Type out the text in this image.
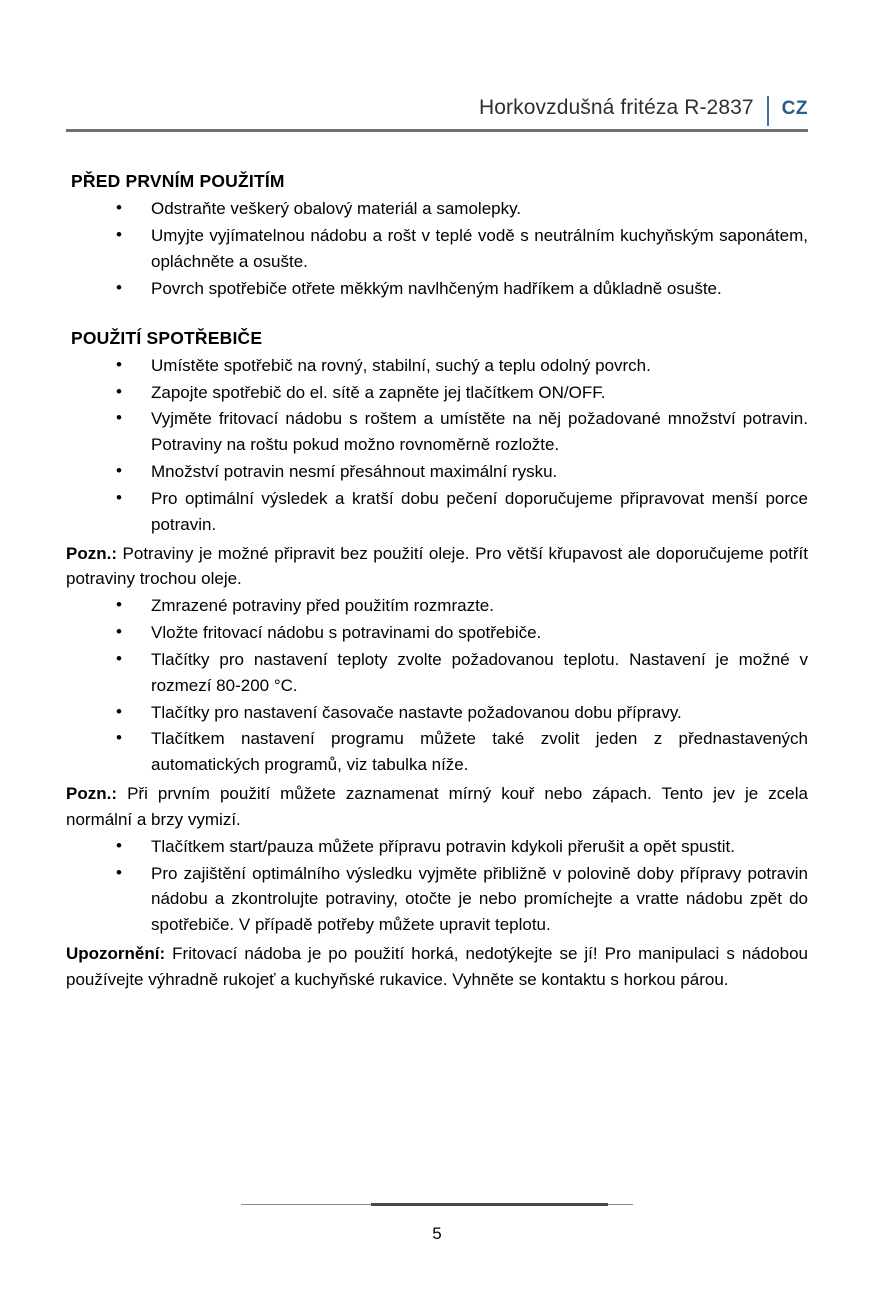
Horkovzdušná fritéza R-2837 CZ
PŘED PRVNÍM POUŽITÍM
• Odstraňte veškerý obalový materiál a samolepky.
• Umyjte vyjímatelnou nádobu a rošt v teplé vodě s neutrálním kuchyňským saponátem, opláchněte a osušte.
• Povrch spotřebiče otřete měkkým navlhčeným hadříkem a důkladně osušte.
POUŽITÍ SPOTŘEBIČE
• Umístěte spotřebič na rovný, stabilní, suchý a teplu odolný povrch.
• Zapojte spotřebič do el. sítě a zapněte jej tlačítkem ON/OFF.
• Vyjměte fritovací nádobu s roštem a umístěte na něj požadované množství potravin. Potraviny na roštu pokud možno rovnoměrně rozložte.
• Množství potravin nesmí přesáhnout maximální rysku.
• Pro optimální výsledek a kratší dobu pečení doporučujeme připravovat menší porce potravin.

Pozn.: Potraviny je možné připravit bez použití oleje. Pro větší křupavost ale doporučujeme potřít potraviny trochou oleje.

• Zmrazené potraviny před použitím rozmrazte.
• Vložte fritovací nádobu s potravinami do spotřebiče.
• Tlačítky pro nastavení teploty zvolte požadovanou teplotu. Nastavení je možné v rozmezí 80-200 °C.
• Tlačítky pro nastavení časovače nastavte požadovanou dobu přípravy.
• Tlačítkem nastavení programu můžete také zvolit jeden z přednastavených automatických programů, viz tabulka níže.

Pozn.: Při prvním použití můžete zaznamenat mírný kouř nebo zápach. Tento jev je zcela normální a brzy vymizí.

• Tlačítkem start/pauza můžete přípravu potravin kdykoli přerušit a opět spustit.
• Pro zajištění optimálního výsledku vyjměte přibližně v polovině doby přípravy potravin nádobu a zkontrolujte potraviny, otočte je nebo promíchejte a vratte nádobu zpět do spotřebiče. V případě potřeby můžete upravit teplotu.

Upozornění: Fritovací nádoba je po použití horká, nedotýkejte se jí! Pro manipulaci s nádobou používejte výhradně rukojeť a kuchyňské rukavice. Vyhněte se kontaktu s horkou párou.

5
